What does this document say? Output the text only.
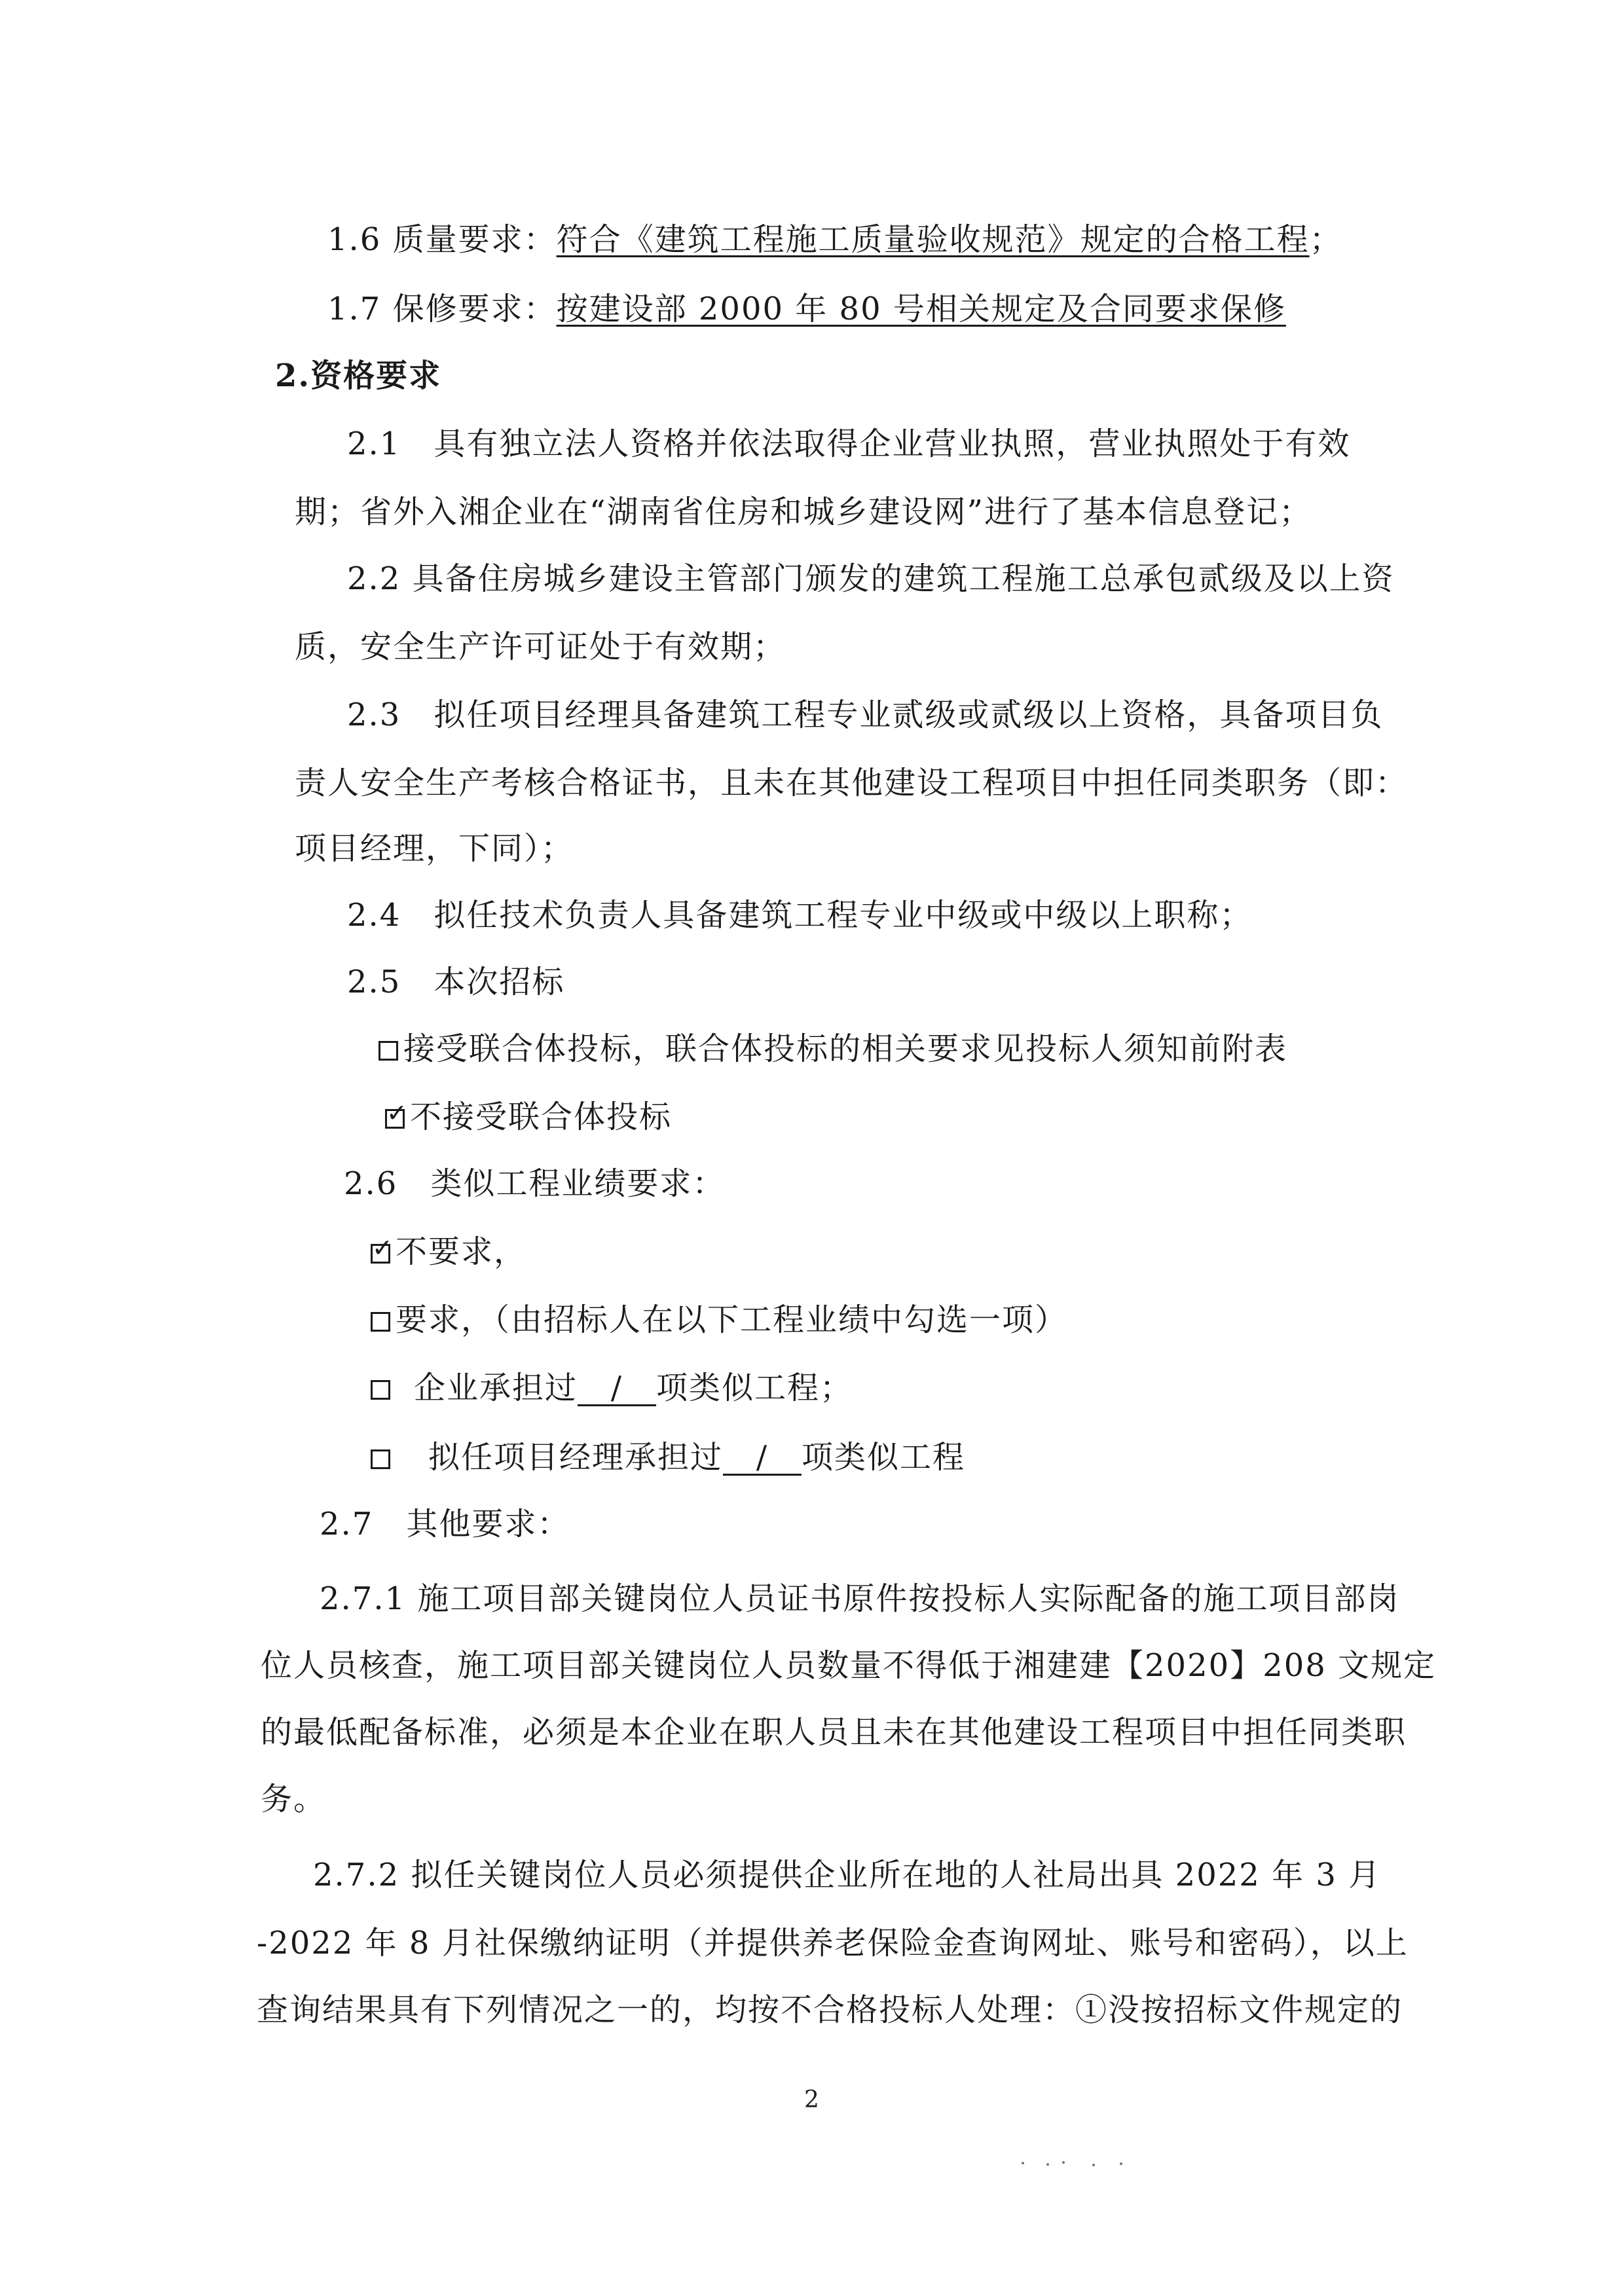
1.6 质量要求：符合《建筑工程施工质量验收规范》规定的合格工程；
1.7 保修要求：按建设部 2000 年 80 号相关规定及合同要求保修
2.资格要求
2.1　具有独立法人资格并依法取得企业营业执照，营业执照处于有效
期；省外入湘企业在“湖南省住房和城乡建设网”进行了基本信息登记；
2.2 具备住房城乡建设主管部门颁发的建筑工程施工总承包贰级及以上资
质，安全生产许可证处于有效期；
2.3　拟任项目经理具备建筑工程专业贰级或贰级以上资格，具备项目负
责人安全生产考核合格证书，且未在其他建设工程项目中担任同类职务（即：
项目经理，下同）；
2.4　拟任技术负责人具备建筑工程专业中级或中级以上职称；
2.5　本次招标
接受联合体投标，联合体投标的相关要求见投标人须知前附表
✓不接受联合体投标
2.6　类似工程业绩要求：
✓不要求，
要求，（由招标人在以下工程业绩中勾选一项）
企业承担过 / 项类似工程；
拟任项目经理承担过 / 项类似工程
2.7　其他要求：
2.7.1 施工项目部关键岗位人员证书原件按投标人实际配备的施工项目部岗
位人员核查，施工项目部关键岗位人员数量不得低于湘建建【2020】208 文规定
的最低配备标准，必须是本企业在职人员且未在其他建设工程项目中担任同类职
务。
2.7.2 拟任关键岗位人员必须提供企业所在地的人社局出具 2022 年 3 月
-2022 年 8 月社保缴纳证明（并提供养老保险金查询网址、账号和密码），以上
查询结果具有下列情况之一的，均按不合格投标人处理：①没按招标文件规定的
2
